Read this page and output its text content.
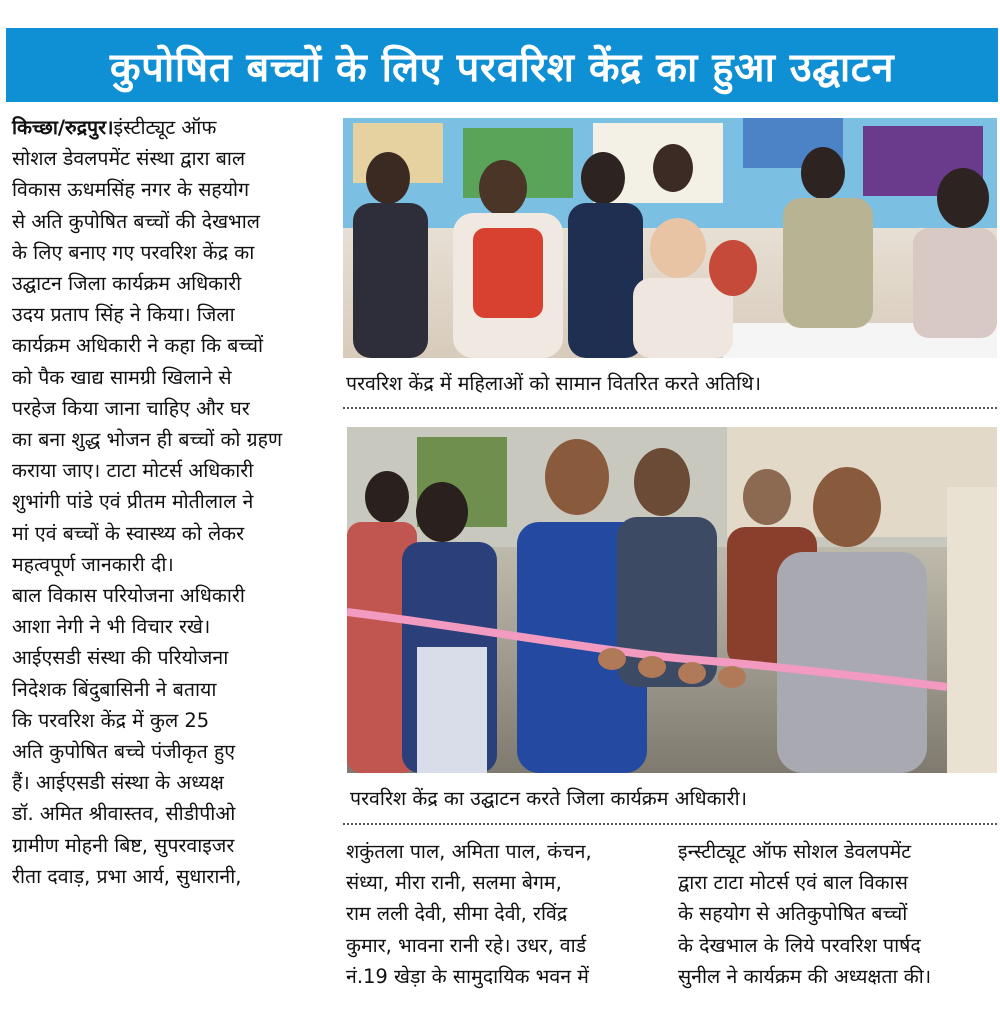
कुपोषित बच्चों के लिए परवरिश केंद्र का हुआ उद्घाटन
किच्छा/रुद्रपुर।इंस्टीट्यूट ऑफ
सोशल डेवलपमेंट संस्था द्वारा बाल
विकास ऊधमसिंह नगर के सहयोग
से अति कुपोषित बच्चों की देखभाल
के लिए बनाए गए परवरिश केंद्र का
उद्घाटन जिला कार्यक्रम अधिकारी
उदय प्रताप सिंह ने किया। जिला
कार्यक्रम अधिकारी ने कहा कि बच्चों
को पैक खाद्य सामग्री खिलाने से
परहेज किया जाना चाहिए और घर
का बना शुद्ध भोजन ही बच्चों को ग्रहण
कराया जाए। टाटा मोटर्स अधिकारी
शुभांगी पांडे एवं प्रीतम मोतीलाल ने
मां एवं बच्चों के स्वास्थ्य को लेकर
महत्वपूर्ण जानकारी दी।
बाल विकास परियोजना अधिकारी
आशा नेगी ने भी विचार रखे।
आईएसडी संस्था की परियोजना
निदेशक बिंदुबासिनी ने बताया
कि परवरिश केंद्र में कुल 25
अति कुपोषित बच्चे पंजीकृत हुए
हैं। आईएसडी संस्था के अध्यक्ष
डॉ. अमित श्रीवास्तव, सीडीपीओ
ग्रामीण मोहनी बिष्ट, सुपरवाइजर
रीता दवाड़, प्रभा आर्य, सुधारानी,
परवरिश केंद्र में महिलाओं को सामान वितरित करते अतिथि।
परवरिश केंद्र का उद्घाटन करते जिला कार्यक्रम अधिकारी।
शकुंतला पाल, अमिता पाल, कंचन,
संध्या, मीरा रानी, सलमा बेगम,
राम लली देवी, सीमा देवी, रविंद्र
कुमार, भावना रानी रहे। उधर, वार्ड
नं.19 खेड़ा के सामुदायिक भवन में
इन्स्टीट्यूट ऑफ सोशल डेवलपमेंट
द्वारा टाटा मोटर्स एवं बाल विकास
के सहयोग से अतिकुपोषित बच्चों
के देखभाल के लिये परवरिश पार्षद
सुनील ने कार्यक्रम की अध्यक्षता की।
